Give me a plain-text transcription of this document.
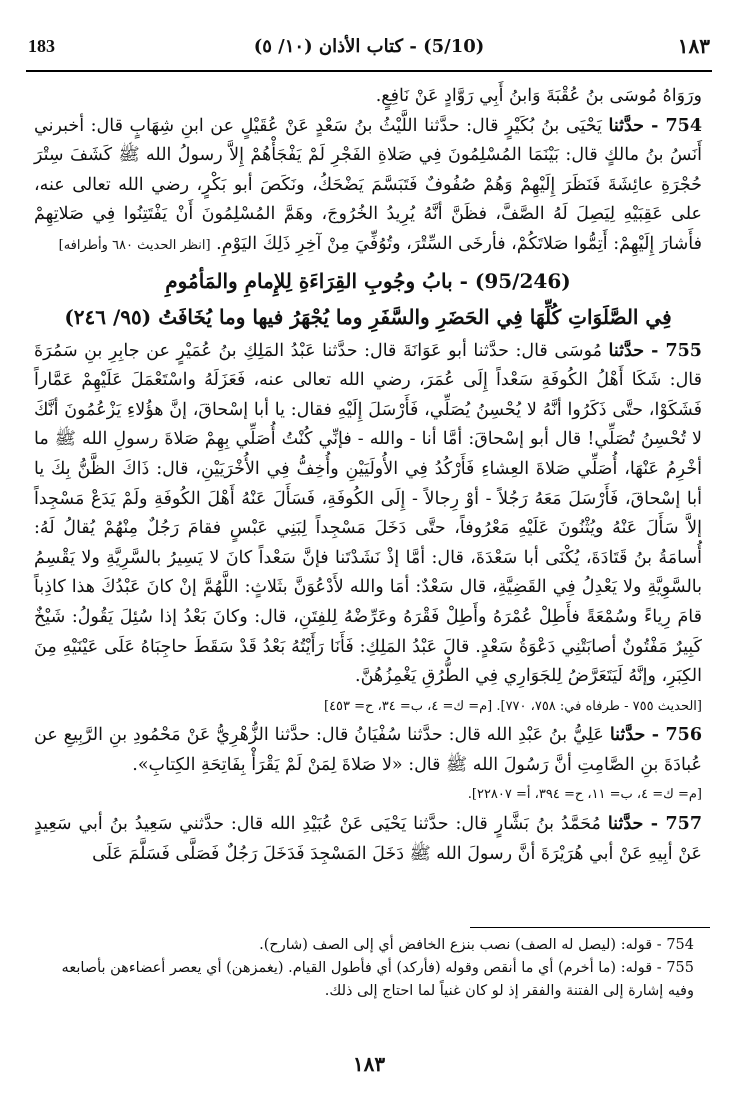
183	(5/10) - كتاب الأذان (١٠/ ٥)	١٨٣

ورَوَاهُ مُوسَى بنُ عُقْبَةَ وَابنُ أَبِي رَوَّادٍ عَنْ نَافِعٍ.

754 - حدَّثنا يَحْيَى بنُ بُكَيْرٍ قال: حدَّثنا اللَّيْثُ بنُ سَعْدٍ عَنْ عُقَيْلٍ عن ابنِ شِهَابٍ قال: أخبرني أَنَسُ بنُ مالكٍ قال: بَيْنَمَا المُسْلِمُونَ فِي صَلاةِ الفَجْرِ لَمْ يَفْجَأْهُمْ إِلاَّ رسولُ الله ﷺ كَشَفَ سِتْرَ حُجْرَةِ عائِشَةَ فَنَظَرَ إِلَيْهِمْ وَهُمْ صُفُوفٌ فَتَبَسَّمَ يَضْحَكُ، ونَكَصَ أبو بَكْرٍ، رضي الله تعالى عنه، على عَقِبَيْهِ لِيَصِلَ لَهُ الصَّفَّ، فظَنَّ أنَّهُ يُرِيدُ الخُرُوجَ، وهَمَّ المُسْلِمُونَ أَنْ يَفْتَتِنُوا فِي صَلاتِهِمْ فأَشارَ إِلَيْهِمْ: أَتِمُّوا صَلاتَكُمْ، فأرخَى السِّتْرَ، وتُوُفِّيَ مِنْ آخِرِ ذَلِكَ اليَوْمِ. [انظر الحديث ٦٨٠ وأطرافه]

(95/246) - بابُ وجُوبِ القِرَاءَةِ لِلإِمامِ والمَأمُومِ
فِي الصَّلَوَاتِ كُلِّهَا فِي الحَضَرِ والسَّفَرِ وما يُجْهَرُ فيها وما يُخَافَتُ (٩٥/ ٢٤٦)

755 - حدَّثنا مُوسَى قال: حدَّثنا أبو عَوَانَةَ قال: حدَّثنا عَبْدُ المَلِكِ بنُ عُمَيْرٍ عن جابِرِ بنِ سَمُرَةَ قال: شَكَا أَهْلُ الكُوفَةِ سَعْداً إِلَى عُمَرَ، رضي الله تعالى عنه، فَعَزَلَهُ واسْتَعْمَلَ عَلَيْهِمْ عَمَّاراً فَشَكَوْا، حتَّى ذَكَرُوا أنَّهُ لا يُحْسِنُ يُصَلِّي، فَأَرْسَلَ إِلَيْهِ فقال: يا أبا إسْحاقَ، إنَّ هؤُلاءِ يَزْعُمُونَ أنَّكَ لا تُحْسِنُ تُصَلِّي! قال أبو إسْحاقَ: أمَّا أنا - والله - فإنِّي كُنْتُ أُصَلِّي بِهِمْ صَلاةَ رسولِ الله ﷺ ما أخْرِمُ عَنْهَا، أُصَلِّي صَلاةَ العِشاءِ فَأَرْكُدُ فِي الأُولَيَيْنِ وأُخِفُّ فِي الأُخْرَيَيْنِ، قال: ذَاكَ الظَّنُّ بِكَ يا أبا إسْحاقَ، فَأَرْسَلَ مَعَهُ رَجُلاً - أوْ رِجالاً - إِلَى الكُوفَةِ، فَسَأَلَ عَنْهُ أَهْلَ الكُوفَةِ ولَمْ يَدَعْ مَسْجِداً إلاَّ سَأَلَ عَنْهُ ويُثْنُونَ عَلَيْهِ مَعْرُوفاً، حتَّى دَخَلَ مَسْجِداً لِبَنِي عَبْسٍ فقامَ رَجُلٌ مِنْهُمْ يُقالُ لَهُ: أُسامَةُ بنُ قَتَادَةَ، يُكْنَى أبا سَعْدَةَ، قال: أمَّا إذْ نَشَدْتَنا فإنَّ سَعْداً كانَ لا يَسِيرُ بالسَّرِيَّةِ ولا يَقْسِمُ بالسَّوِيَّةِ ولا يَعْدِلُ فِي القَضِيَّةِ، قال سَعْدٌ: أمَا والله لأَدْعُوَنَّ بثَلاثٍ: اللَّهُمَّ إنْ كانَ عَبْدُكَ هذا كاذِباً قامَ رِياءً وسُمْعَةً فأَطِلْ عُمْرَهُ وأَطِلْ فَقْرَهُ وعَرِّضْهُ لِلفِتَنِ، قال: وكانَ بَعْدُ إذا سُئِلَ يَقُولُ: شَيْخٌ كَبِيرٌ مَفْتُونٌ أصابَتْنِي دَعْوَةُ سَعْدٍ. قالَ عَبْدُ المَلِكِ: فَأَنَا رَأَيْتُهُ بَعْدُ قَدْ سَقَطَ حاجِبَاهُ عَلَى عَيْنَيْهِ مِنَ الكِبَرِ، وإنَّهُ لَيَتَعَرَّضُ لِلجَوَارِي فِي الطُّرُقِ يَغْمِزُهُنَّ.

[الحديث ٧٥٥ - طرفاه في: ٧٥٨، ٧٧٠]. [م= ك= ٤، ب= ٣٤، ح= ٤٥٣]

756 - حدَّثنا عَلِيُّ بنُ عَبْدِ الله قال: حدَّثنا سُفْيَانُ قال: حدَّثنا الزُّهْرِيُّ عَنْ مَحْمُودِ بنِ الرَّبِيعِ عن عُبادَةَ بنِ الصَّامِتِ أنَّ رَسُولَ الله ﷺ قال: «لا صَلاةَ لِمَنْ لَمْ يَقْرَأْ بِفَاتِحَةِ الكِتابِ».

[م= ك= ٤، ب= ١١، ح= ٣٩٤، أ= ٢٢٨٠٧].

757 - حدَّثنا مُحَمَّدُ بنُ بَشَّارٍ قال: حدَّثنا يَحْيَى عَنْ عُبَيْدِ الله قال: حدَّثني سَعِيدُ بنُ أبي سَعِيدٍ عَنْ أبِيهِ عَنْ أبي هُرَيْرَةَ أنَّ رسولَ الله ﷺ دَخَلَ المَسْجِدَ فَدَخَلَ رَجُلٌ فَصَلَّى فَسَلَّمَ عَلَى

754 - قوله: (ليصل له الصف) نصب بنزع الخافض أي إلى الصف (شارح).

755 - قوله: (ما أخرم) أي ما أنقص وقوله (فأركد) أي فأطول القيام. (يغمزهن) أي يعصر أعضاءهن بأصابعه وفيه إشارة إلى الفتنة والفقر إذ لو كان غنياً لما احتاج إلى ذلك.

١٨٣
